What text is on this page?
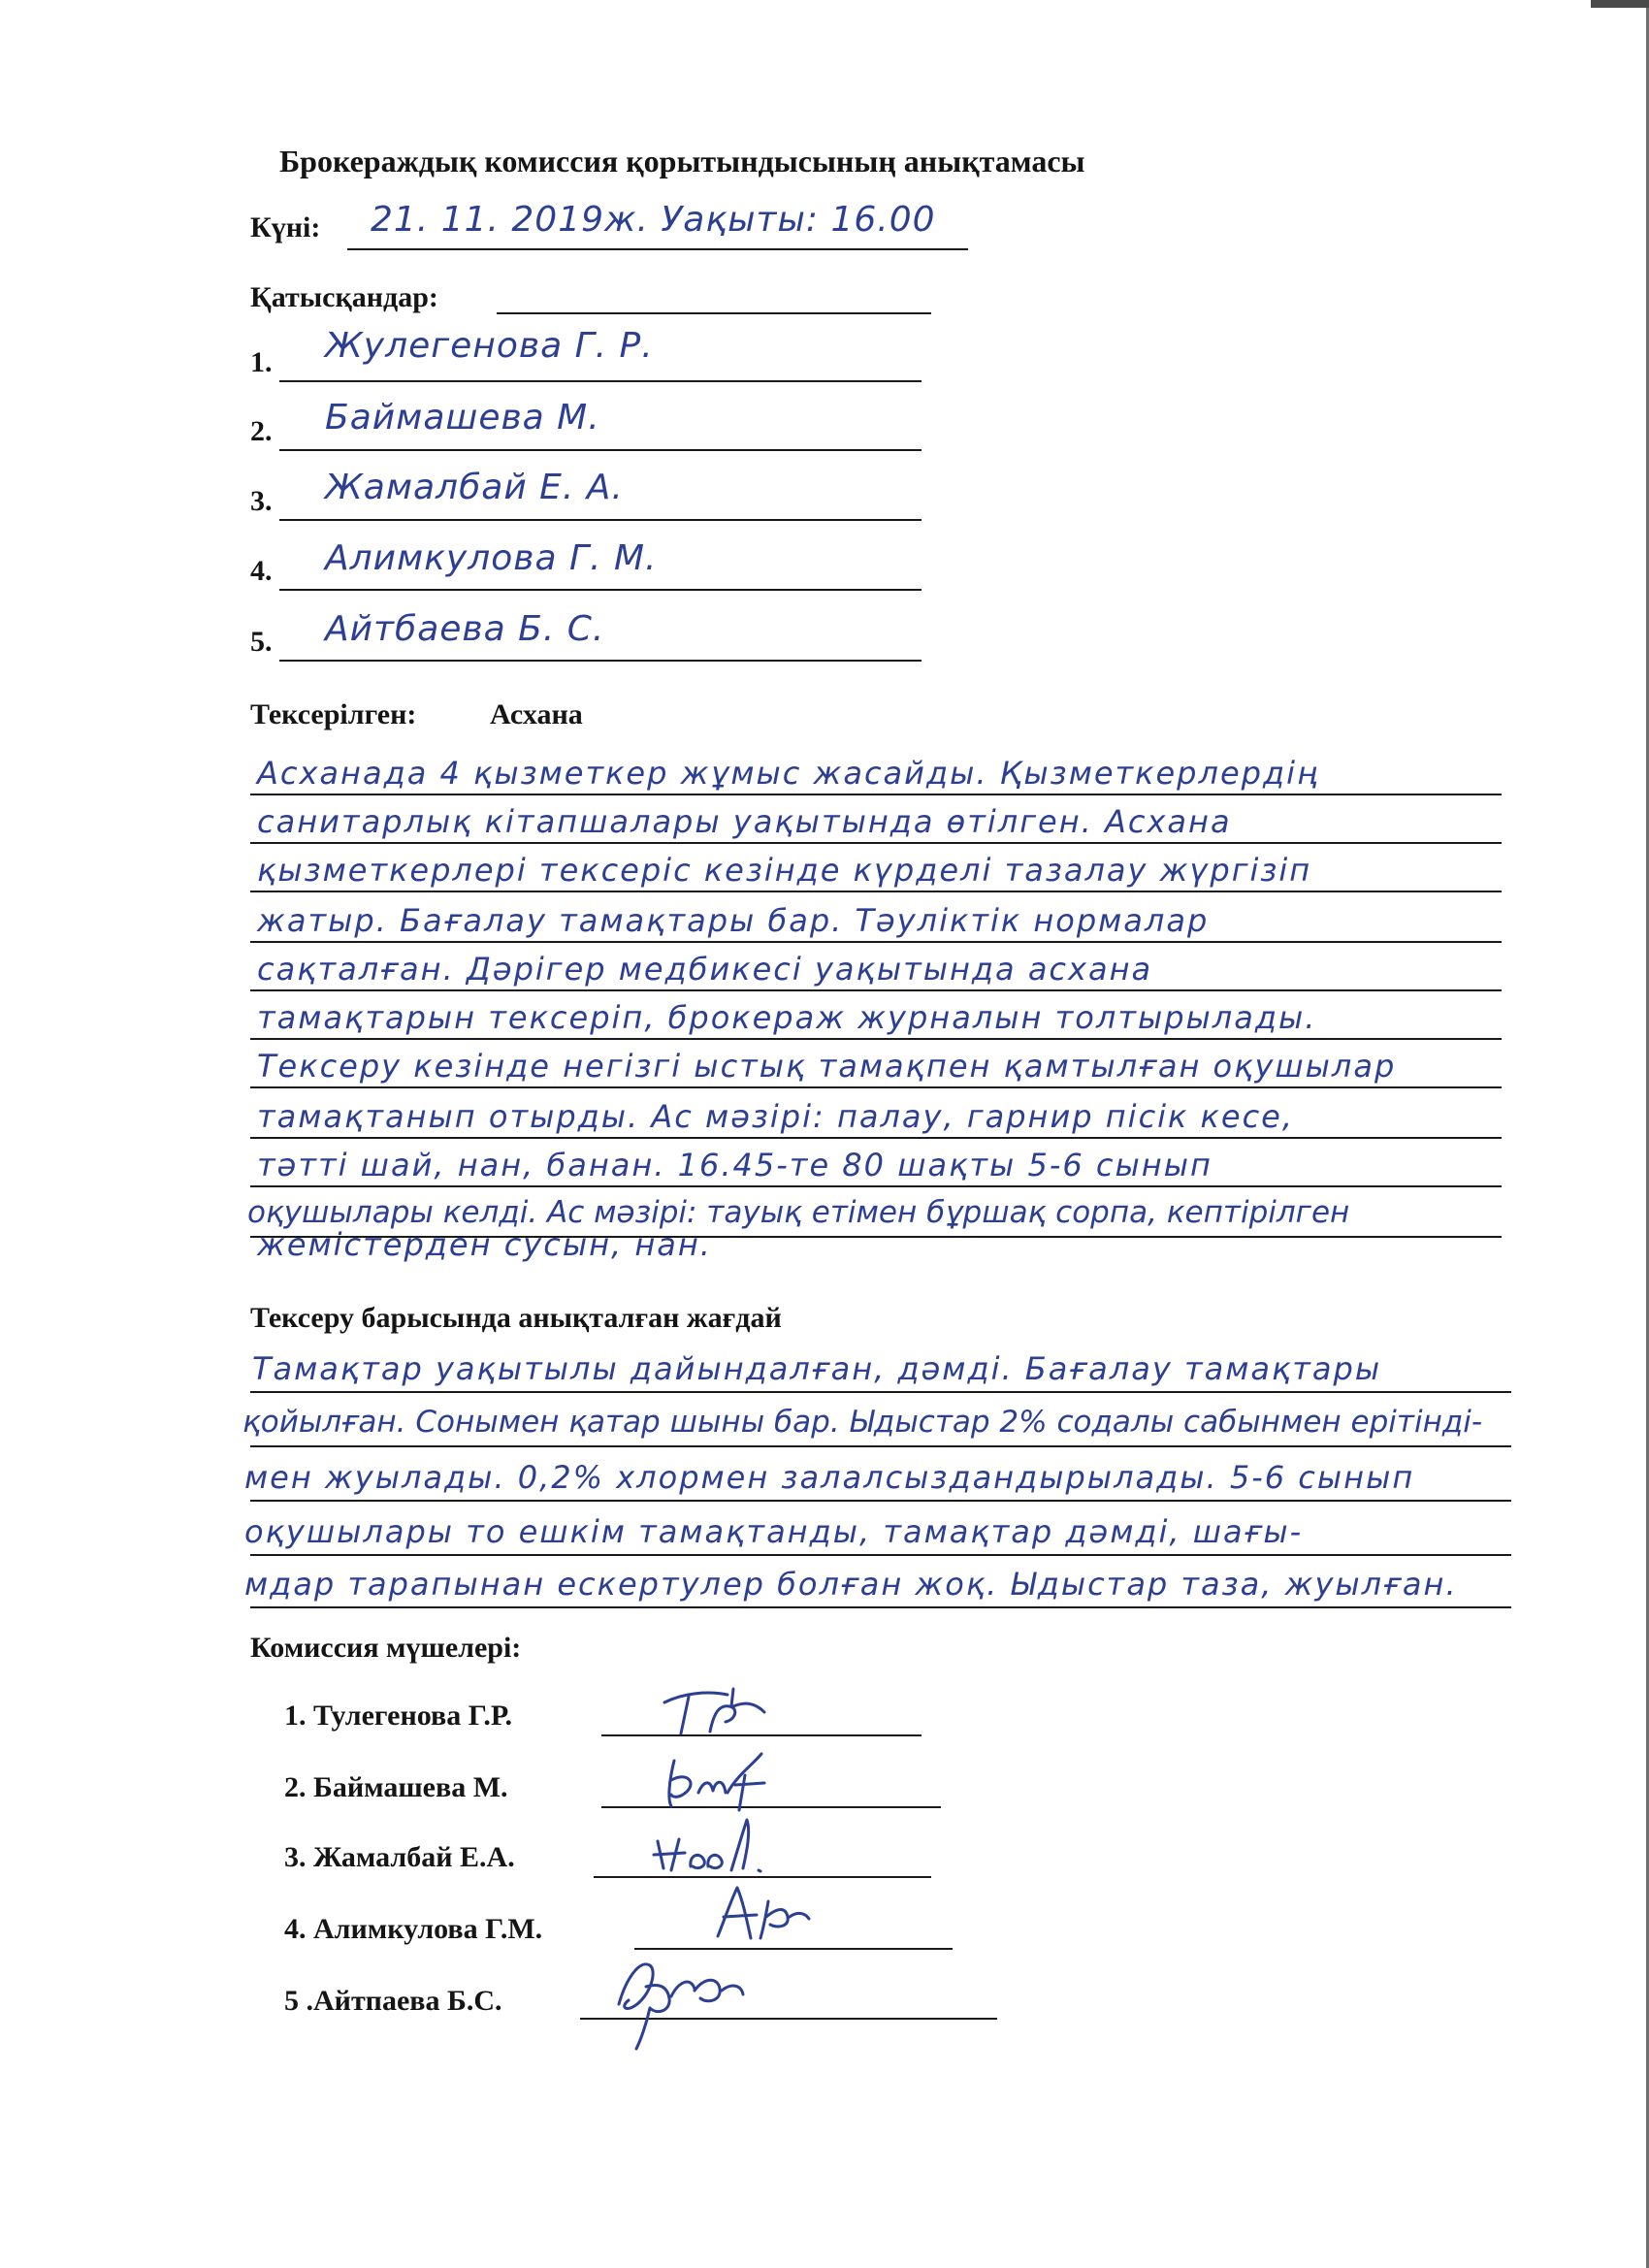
Брокераждық комиссия қорытындысының анықтамасы
Күні: 21. 11. 2019ж. Уақыты: 16.00
Қатысқандар:
1. Жулегенова Г. Р.
2. Баймашева М.
3. Жамалбай Е. А.
4. Алимкулова Г. М.
5. Айтбаева Б. С.
Тексерілген:	Асхана
Асханада 4 қызметкер жұмыс жасайды. Қызметкерлердің
санитарлық кітапшалары уақытында өтілген. Асхана
қызметкерлері тексеріс кезінде күрделі тазалау жүргізіп
жатыр. Бағалау тамақтары бар. Тәуліктік нормалар
сақталған. Дәрігер медбикесі уақытында асхана
тамақтарын тексеріп, брокераж журналын толтырылады.
Тексеру кезінде негізгі ыстық тамақпен қамтылған оқушылар
тамақтанып отырды. Ас мәзірі: палау, гарнир пісік кесе,
тәтті шай, нан, банан. 16.45-те 80 шақты 5-6 сынып
оқушылары келді. Ас мәзірі: тауық етімен бұршақ сорпа, кептірілген
жемістерден сусын, нан.
Тексеру барысында анықталған жағдай
Тамақтар уақытылы дайындалған, дәмді. Бағалау тамақтары
қойылған. Сонымен қатар шыны бар. Ыдыстар 2% содалы сабынмен ерітінді-
мен жуылады. 0,2% хлормен залалсыздандырылады. 5-6 сынып
оқушылары то ешкім тамақтанды, тамақтар дәмді, шағы-
мдар тарапынан ескертулер болған жоқ. Ыдыстар таза, жуылған.
Комиссия мүшелері:
1. Тулегенова Г.Р.
2. Баймашева М.
3. Жамалбай Е.А.
4. Алимкулова Г.М.
5 .Айтпаева Б.С.
